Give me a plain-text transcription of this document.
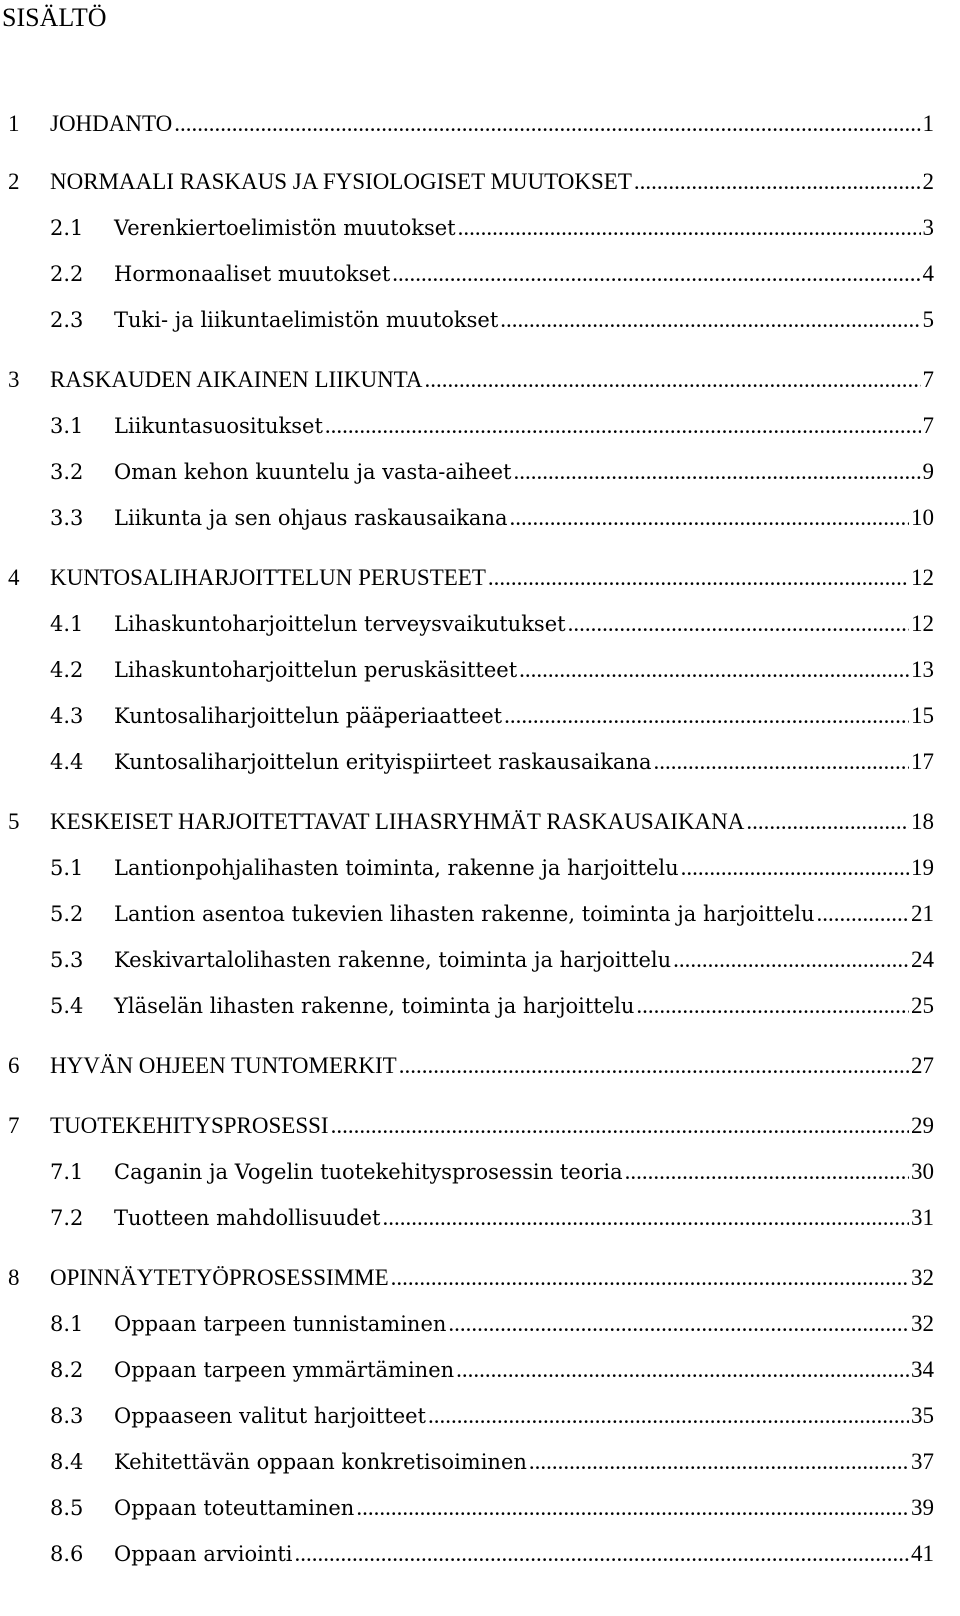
SISÄLTÖ
1	JOHDANTO .....	1
2	NORMAALI RASKAUS JA FYSIOLOGISET MUUTOKSET .....	2
2.1	Verenkiertoelimistön muutokset .....	3
2.2	Hormonaaliset muutokset .....	4
2.3	Tuki- ja liikuntaelimistön muutokset .....	5
3	RASKAUDEN AIKAINEN LIIKUNTA .....	7
3.1	Liikuntasuositukset .....	7
3.2	Oman kehon kuuntelu ja vasta-aiheet .....	9
3.3	Liikunta ja sen ohjaus raskausaikana .....	10
4	KUNTOSALIHARJOITTELUN PERUSTEET .....	12
4.1	Lihaskuntoharjoittelun terveysvaikutukset .....	12
4.2	Lihaskuntoharjoittelun peruskäsitteet .....	13
4.3	Kuntosaliharjoittelun pääperiaatteet .....	15
4.4	Kuntosaliharjoittelun erityispiirteet raskausaikana .....	17
5	KESKEISET HARJOITETTAVAT LIHASRYHMÄT RASKAUSAIKANA .....	18
5.1	Lantionpohjalihasten toiminta, rakenne ja harjoittelu .....	19
5.2	Lantion asentoa tukevien lihasten rakenne, toiminta ja harjoittelu .....	21
5.3	Keskivartalolihasten rakenne, toiminta ja harjoittelu .....	24
5.4	Yläselän lihasten rakenne, toiminta ja harjoittelu .....	25
6	HYVÄN OHJEEN TUNTOMERKIT .....	27
7	TUOTEKEHITYSPROSESSI .....	29
7.1	Caganin ja Vogelin tuotekehitysprosessin teoria .....	30
7.2	Tuotteen mahdollisuudet .....	31
8	OPINNÄYTETYÖPROSESSIMME .....	32
8.1	Oppaan tarpeen tunnistaminen .....	32
8.2	Oppaan tarpeen ymmärtäminen .....	34
8.3	Oppaaseen valitut harjoitteet .....	35
8.4	Kehitettävän oppaan konkretisoiminen .....	37
8.5	Oppaan toteuttaminen .....	39
8.6	Oppaan arviointi .....	41
